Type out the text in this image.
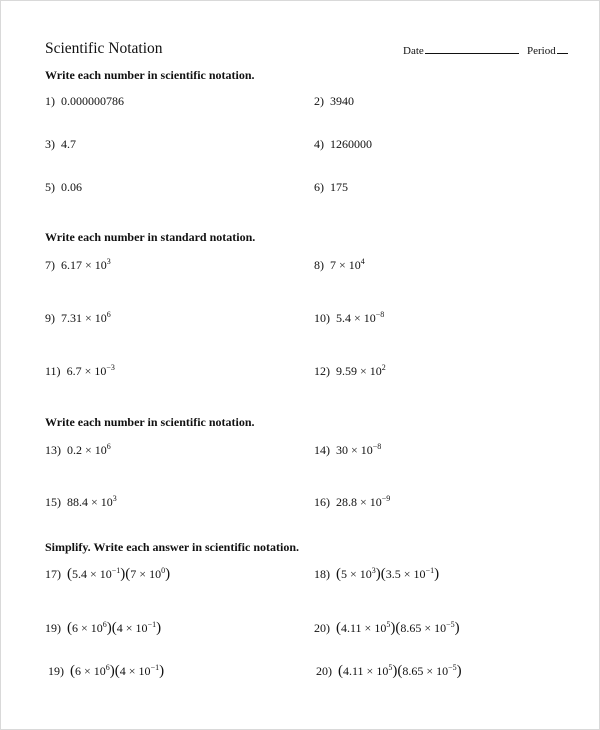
Scientific Notation	Date	Period
Write each number in scientific notation.
1) 0.000000786	2) 3940
3) 4.7	4) 1260000
5) 0.06	6) 175
Write each number in standard notation.
7) $6.17 \times 10^3$	8) $7 \times 10^4$
9) $7.31 \times 10^6$	10) $5.4 \times 10^{-8}$
11) $6.7 \times 10^{-3}$	12) $9.59 \times 10^2$
Write each number in scientific notation.
13) $0.2 \times 10^6$	14) $30 \times 10^{-8}$
15) $88.4 \times 10^3$	16) $28.8 \times 10^{-9}$
Simplify. Write each answer in scientific notation.
17) $(5.4 \times 10^{-1})(7 \times 10^0)$	18) $(5 \times 10^3)(3.5 \times 10^{-1})$
19) $(6 \times 10^6)(4 \times 10^{-1})$	20) $(4.11 \times 10^5)(8.65 \times 10^{-5})$
19) $(6 \times 10^6)(4 \times 10^{-1})$	20) $(4.11 \times 10^5)(8.65 \times 10^{-5})$
